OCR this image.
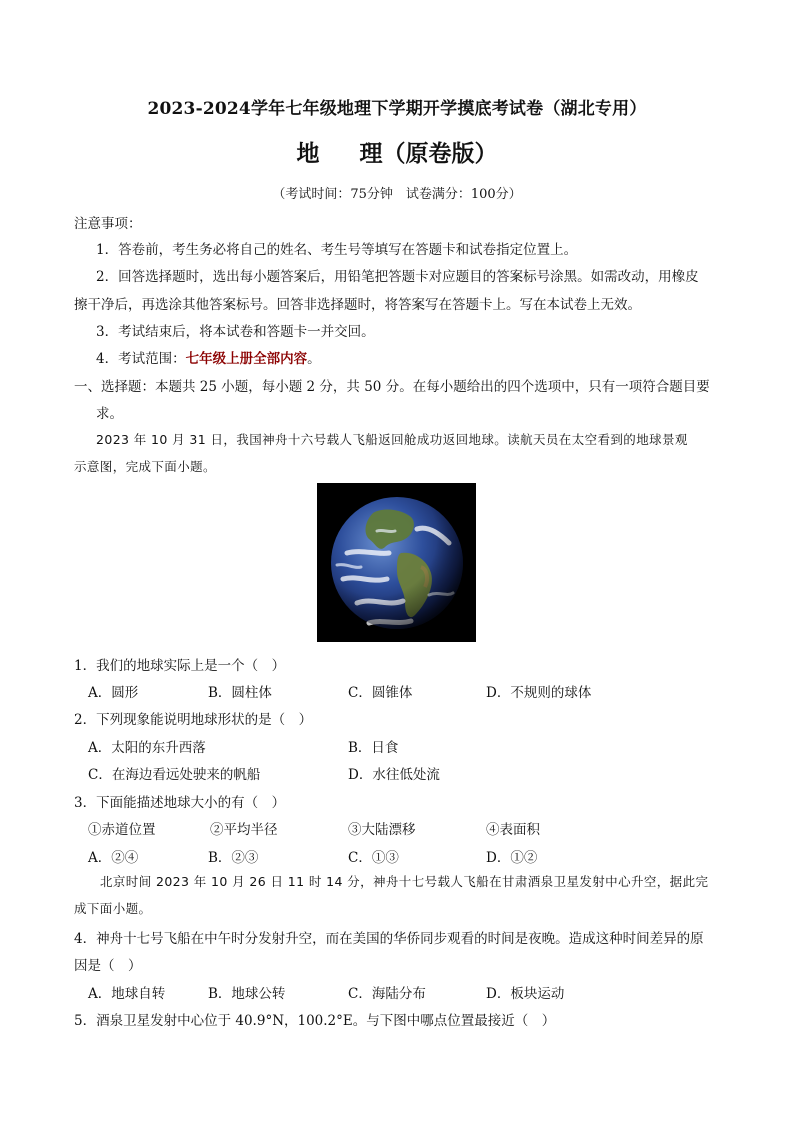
2023-2024学年七年级地理下学期开学摸底考试卷（湖北专用）
地 理（原卷版）
（考试时间：75分钟　试卷满分：100分）
注意事项：
1．答卷前，考生务必将自己的姓名、考生号等填写在答题卡和试卷指定位置上。
2．回答选择题时，选出每小题答案后，用铅笔把答题卡对应题目的答案标号涂黑。如需改动，用橡皮
擦干净后，再选涂其他答案标号。回答非选择题时，将答案写在答题卡上。写在本试卷上无效。
3．考试结束后，将本试卷和答题卡一并交回。
4．考试范围：七年级上册全部内容。
一、选择题：本题共 25 小题，每小题 2 分，共 50 分。在每小题给出的四个选项中，只有一项符合题目要
求。
2023 年 10 月 31 日，我国神舟十六号载人飞船返回舱成功返回地球。读航天员在太空看到的地球景观
示意图，完成下面小题。
1．我们的地球实际上是一个（　）
A．圆形	B．圆柱体	C．圆锥体	D．不规则的球体
2．下列现象能说明地球形状的是（　）
A．太阳的东升西落	B．日食
C．在海边看远处驶来的帆船	D．水往低处流
3．下面能描述地球大小的有（　）
①赤道位置	②平均半径	③大陆漂移	④表面积
A．②④	B．②③	C．①③	D．①②
北京时间 2023 年 10 月 26 日 11 时 14 分，神舟十七号载人飞船在甘肃酒泉卫星发射中心升空，据此完
成下面小题。
4．神舟十七号飞船在中午时分发射升空，而在美国的华侨同步观看的时间是夜晚。造成这种时间差异的原
因是（　）
A．地球自转	B．地球公转	C．海陆分布	D．板块运动
5．酒泉卫星发射中心位于 40.9°N，100.2°E。与下图中哪点位置最接近（　）
